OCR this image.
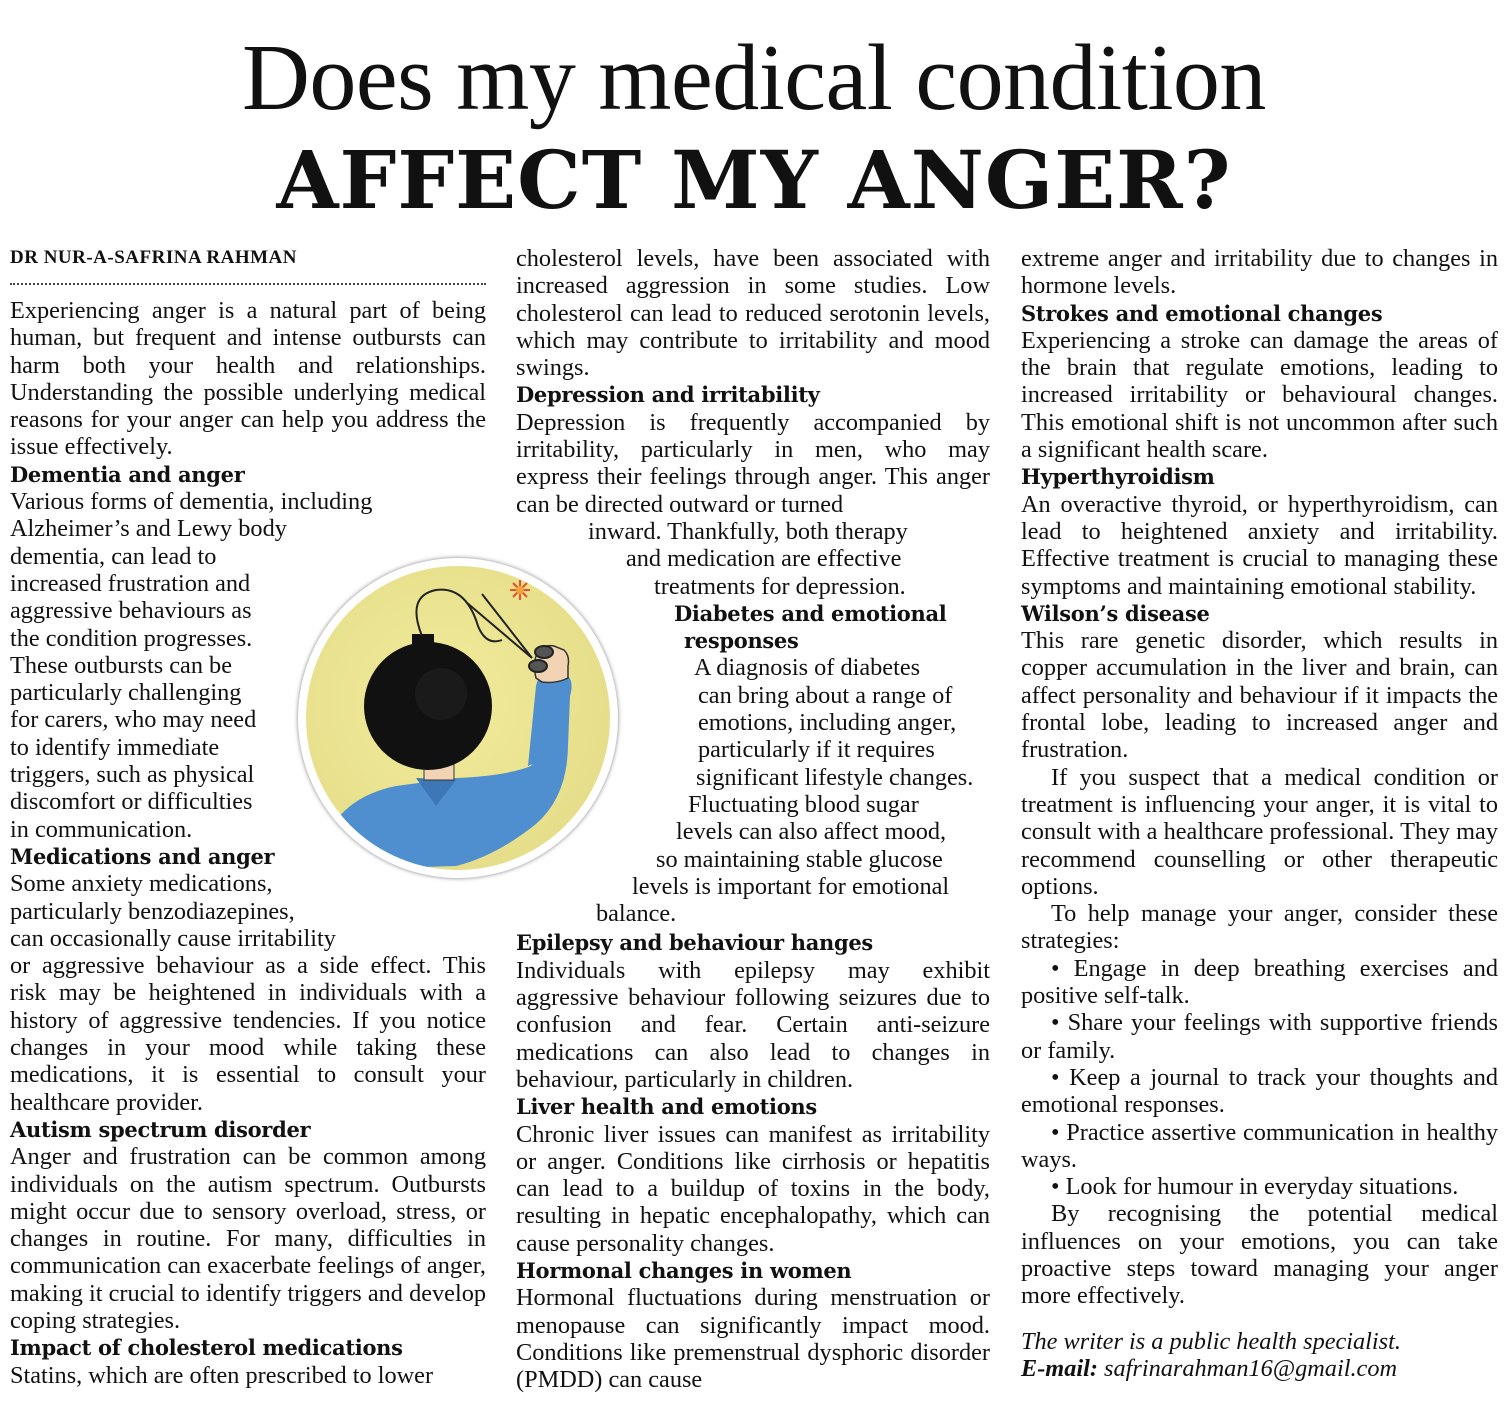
Does my medical condition
AFFECT MY ANGER?
DR NUR-A-SAFRINA RAHMAN

Experiencing anger is a natural part of being human, but frequent and intense outbursts can harm both your health and relationships. Understanding the possible underlying medical reasons for your anger can help you address the issue effectively.

Dementia and anger

Various forms of dementia, including

Alzheimer’s and Lewy body

dementia, can lead to

increased frustration and

aggressive behaviours as

the condition progresses.

These outbursts can be

particularly challenging

for carers, who may need

to identify immediate

triggers, such as physical

discomfort or difficulties

in communication.

Medications and anger

Some anxiety medications,

particularly benzodiazepines,

can occasionally cause irritability

or aggressive behaviour as a side effect. This risk may be heightened in individuals with a history of aggressive tendencies. If you notice changes in your mood while taking these medications, it is essential to consult your healthcare provider.

Autism spectrum disorder

Anger and frustration can be common among individuals on the autism spectrum. Outbursts might occur due to sensory overload, stress, or changes in routine. For many, difficulties in communication can exacerbate feelings of anger, making it crucial to identify triggers and develop coping strategies.

Impact of cholesterol medications

Statins, which are often prescribed to lower

cholesterol levels, have been associated with increased aggression in some studies. Low cholesterol can lead to reduced serotonin levels, which may contribute to irritability and mood swings.

Depression and irritability

Depression is frequently accompanied by irritability, particularly in men, who may express their feelings through anger. This anger can be directed outward or turned

inward. Thankfully, both therapy

and medication are effective

treatments for depression.

Diabetes and emotional
responses

A diagnosis of diabetes

can bring about a range of

emotions, including anger,

particularly if it requires

significant lifestyle changes.

Fluctuating blood sugar

levels can also affect mood,

so maintaining stable glucose

levels is important for emotional

balance.

Epilepsy and behaviour hanges

Individuals with epilepsy may exhibit aggressive behaviour following seizures due to confusion and fear. Certain anti-seizure medications can also lead to changes in behaviour, particularly in children.

Liver health and emotions

Chronic liver issues can manifest as irritability or anger. Conditions like cirrhosis or hepatitis can lead to a buildup of toxins in the body, resulting in hepatic encephalopathy, which can cause personality changes.

Hormonal changes in women

Hormonal fluctuations during menstruation or menopause can significantly impact mood. Conditions like premenstrual dysphoric disorder (PMDD) can cause

extreme anger and irritability due to changes in hormone levels.

Strokes and emotional changes

Experiencing a stroke can damage the areas of the brain that regulate emotions, leading to increased irritability or behavioural changes. This emotional shift is not uncommon after such a significant health scare.

Hyperthyroidism

An overactive thyroid, or hyperthyroidism, can lead to heightened anxiety and irritability. Effective treatment is crucial to managing these symptoms and maintaining emotional stability.

Wilson’s disease

This rare genetic disorder, which results in copper accumulation in the liver and brain, can affect personality and behaviour if it impacts the frontal lobe, leading to increased anger and frustration.

If you suspect that a medical condition or treatment is influencing your anger, it is vital to consult with a healthcare professional. They may recommend counselling or other therapeutic options.

To help manage your anger, consider these strategies:

• Engage in deep breathing exercises and positive self-talk.

• Share your feelings with supportive friends or family.

• Keep a journal to track your thoughts and emotional responses.

• Practice assertive communication in healthy ways.

• Look for humour in everyday situations.

By recognising the potential medical influences on your emotions, you can take proactive steps toward managing your anger more effectively.

The writer is a public health specialist.

E-mail: safrinarahman16@gmail.com
